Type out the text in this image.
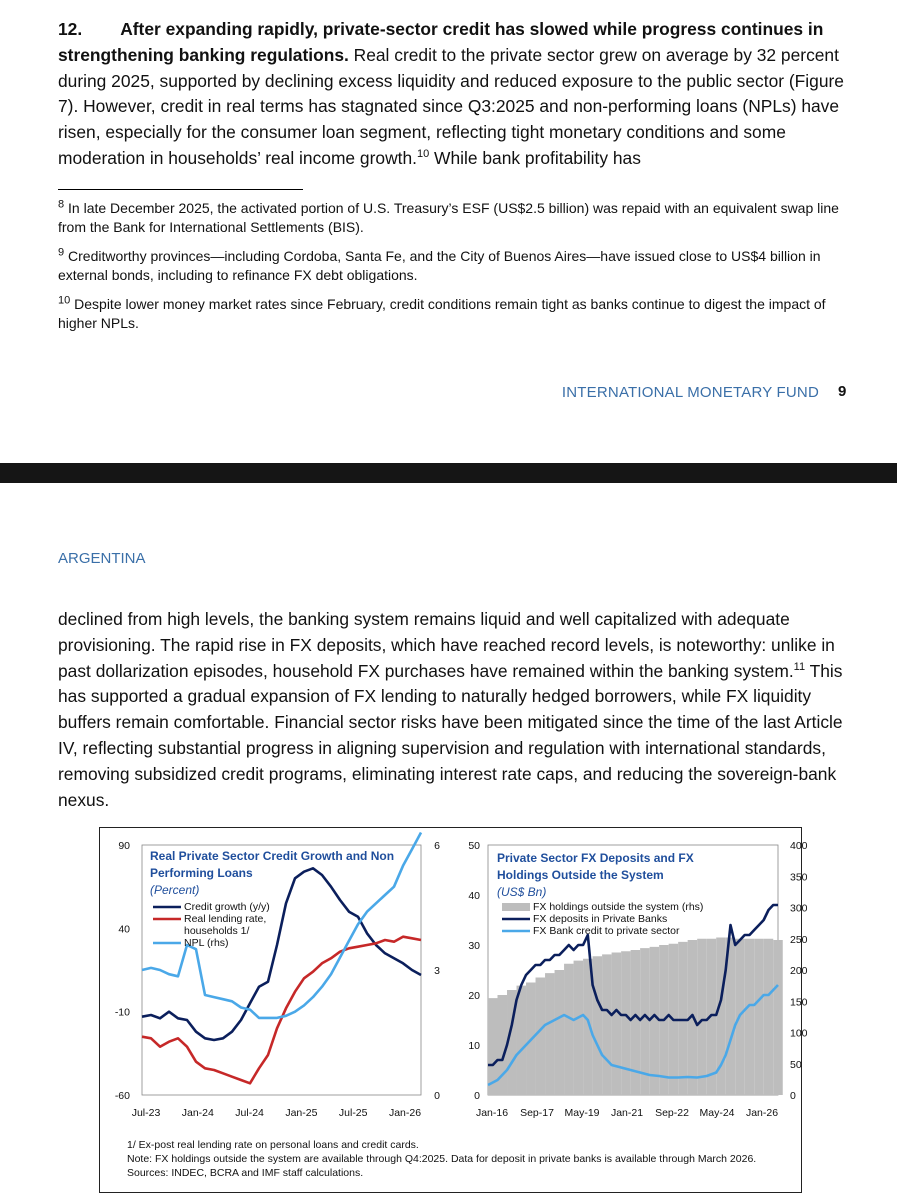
12. After expanding rapidly, private-sector credit has slowed while progress continues in strengthening banking regulations. Real credit to the private sector grew on average by 32 percent during 2025, supported by declining excess liquidity and reduced exposure to the public sector (Figure 7). However, credit in real terms has stagnated since Q3:2025 and non-performing loans (NPLs) have risen, especially for the consumer loan segment, reflecting tight monetary conditions and some moderation in households’ real income growth.$^{10}$ While bank profitability has
$^8$ In late December 2025, the activated portion of U.S. Treasury’s ESF (US$2.5 billion) was repaid with an equivalent swap line from the Bank for International Settlements (BIS).
$^9$ Creditworthy provinces—including Cordoba, Santa Fe, and the City of Buenos Aires—have issued close to US$4 billion in external bonds, including to refinance FX debt obligations.
$^{10}$ Despite lower money market rates since February, credit conditions remain tight as banks continue to digest the impact of higher NPLs.
INTERNATIONAL MONETARY FUND 9
ARGENTINA
declined from high levels, the banking system remains liquid and well capitalized with adequate provisioning. The rapid rise in FX deposits, which have reached record levels, is noteworthy: unlike in past dollarization episodes, household FX purchases have remained within the banking system.$^{11}$ This has supported a gradual expansion of FX lending to naturally hedged borrowers, while FX liquidity buffers remain comfortable. Financial sector risks have been mitigated since the time of the last Article IV, reflecting substantial progress in aligning supervision and regulation with international standards, removing subsidized credit programs, eliminating interest rate caps, and reducing the sovereign-bank nexus.
90
40
-10
-60
6
3
0
Jul-23 Jan-24 Jul-24 Jan-25 Jul-25 Jan-26
Real Private Sector Credit Growth and Non
Performing Loans
(Percent)
Credit growth (y/y)
Real lending rate,
households 1/
NPL (rhs)
50
40
30
20
10
0
400
350
300
250
200
150
100
50
0
Jan-16 Sep-17 May-19 Jan-21 Sep-22 May-24 Jan-26
Private Sector FX Deposits and FX
Holdings Outside the System
(US$ Bn)
FX holdings outside the system (rhs)
FX deposits in Private Banks
FX Bank credit to private sector
1/ Ex-post real lending rate on personal loans and credit cards.
Note: FX holdings outside the system are available through Q4:2025. Data for deposit in private banks is available through March 2026.
Sources: INDEC, BCRA and IMF staff calculations.
